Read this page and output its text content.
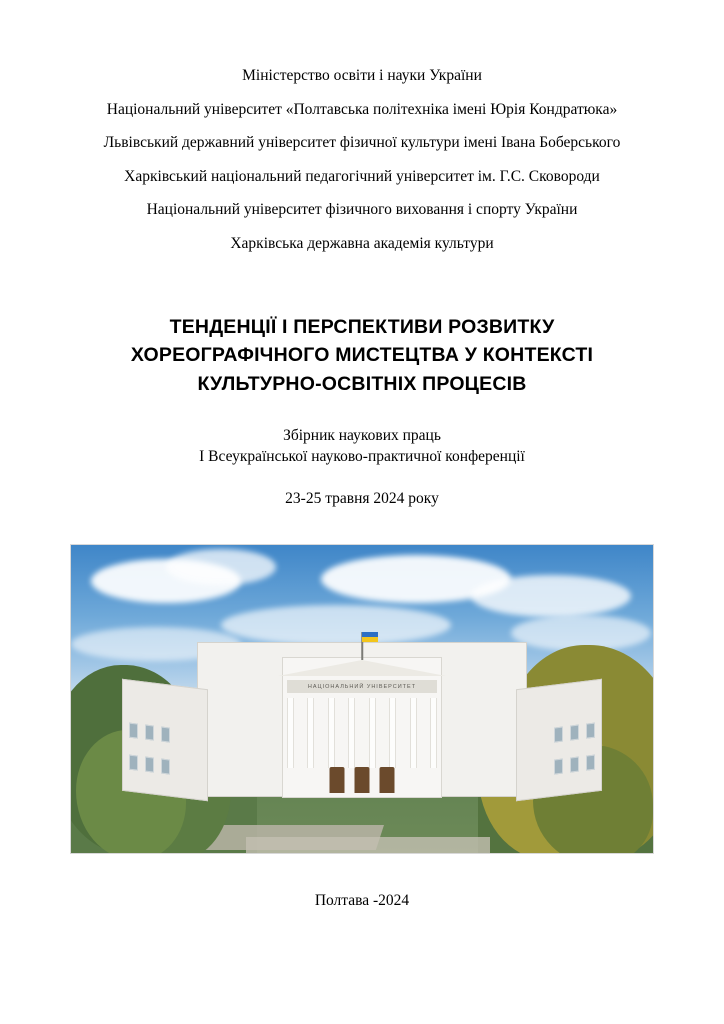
Міністерство освіти і науки України
Національний університет «Полтавська політехніка імені Юрія Кондратюка»
Львівський державний університет фізичної культури імені Івана Боберського
Харківський національний педагогічний університет ім. Г.С. Сковороди
Національний університет фізичного виховання і спорту України
Харківська державна академія культури
ТЕНДЕНЦІЇ І ПЕРСПЕКТИВИ РОЗВИТКУ
ХОРЕОГРАФІЧНОГО МИСТЕЦТВА У КОНТЕКСТІ
КУЛЬТУРНО-ОСВІТНІХ ПРОЦЕСІВ
Збірник наукових праць
І Всеукраїнської науково-практичної конференції
23-25 травня 2024 року
НАЦІОНАЛЬНИЙ УНІВЕРСИТЕТ
Полтава -2024
